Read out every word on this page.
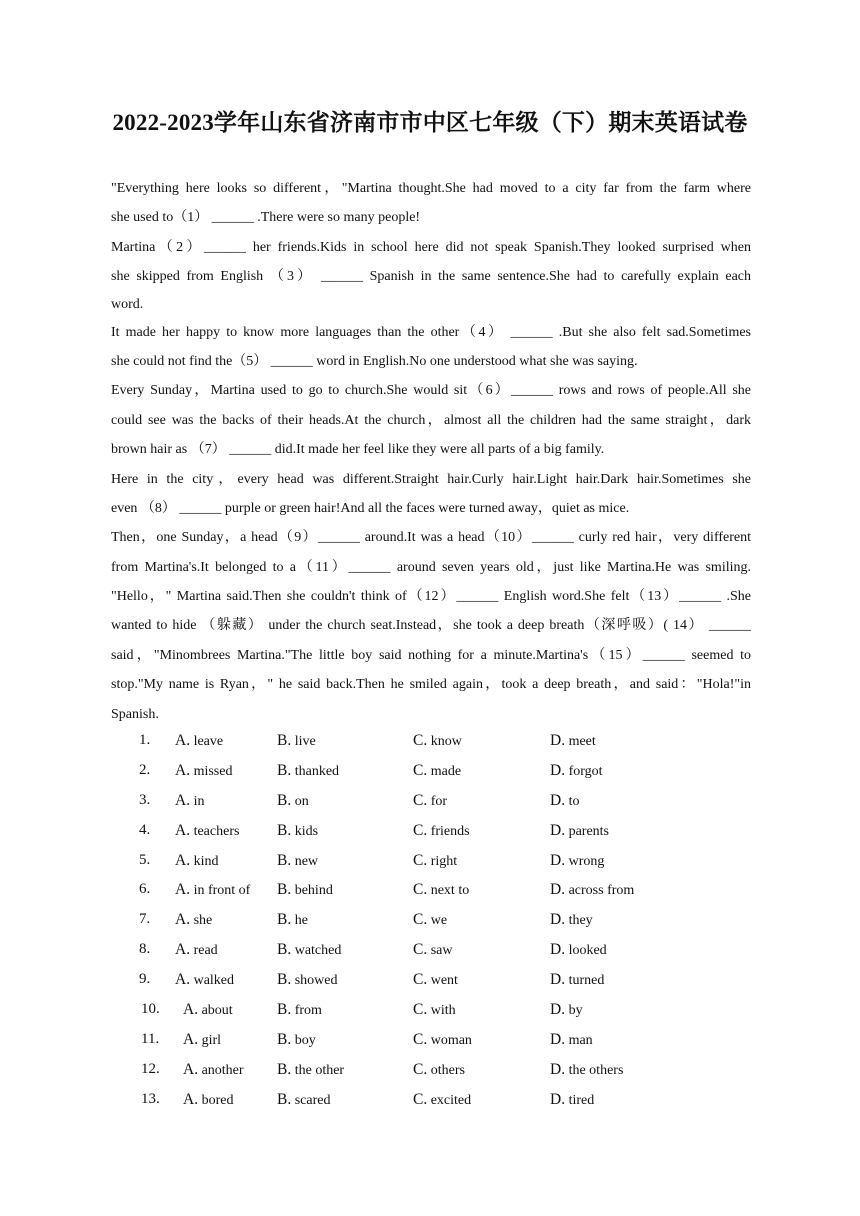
2022-2023学年山东省济南市市中区七年级（下）期末英语试卷
"Everything here looks so different，"Martina thought.She had moved to a city far from the farm where
she used to（1） ______ .There were so many people!
Martina（2）______ her friends.Kids in school here did not speak Spanish.They looked surprised when
she skipped from English （3） ______ Spanish in the same sentence.She had to carefully explain each
word.
It made her happy to know more languages than the other（4） ______ .But she also felt sad.Sometimes
she could not find the（5） ______ word in English.No one understood what she was saying.
Every Sunday，Martina used to go to church.She would sit（6）______ rows and rows of people.All she
could see was the backs of their heads.At the church，almost all the children had the same straight，dark
brown hair as （7） ______ did.It made her feel like they were all parts of a big family.
Here in the city，every head was different.Straight hair.Curly hair.Light hair.Dark hair.Sometimes she
even （8） ______ purple or green hair!And all the faces were turned away，quiet as mice.
Then，one Sunday，a head（9）______ around.It was a head（10）______ curly red hair，very different
from Martina's.It belonged to a（11）______ around seven years old，just like Martina.He was smiling.
"Hello，" Martina said.Then she couldn't think of（12）______ English word.She felt（13）______ .She
wanted to hide （躲藏） under the church seat.Instead，she took a deep breath（深呼吸）( 14） ______
said，"Minombrees Martina."The little boy said nothing for a minute.Martina's（15）______ seemed to
stop."My name is Ryan，" he said back.Then he smiled again，took a deep breath，and said："Hola!"in
Spanish.
1. A. leave	B. live	C. know	D. meet
2. A. missed	B. thanked	C. made	D. forgot
3. A. in	B. on	C. for	D. to
4. A. teachers B. kids	C. friends	D. parents
5. A. kind	B. new	C. right	D. wrong
6. A. in front of B. behind	C. next to	D. across from
7. A. she	B. he	C. we	D. they
8. A. read	B. watched	C. saw	D. looked
9. A. walked	B. showed	C. went	D. turned
10. A. about	B. from	C. with	D. by
11. A. girl	B. boy	C. woman	D. man
12. A. another B. the other	C. others	D. the others
13. A. bored	B. scared	C. excited	D. tired
